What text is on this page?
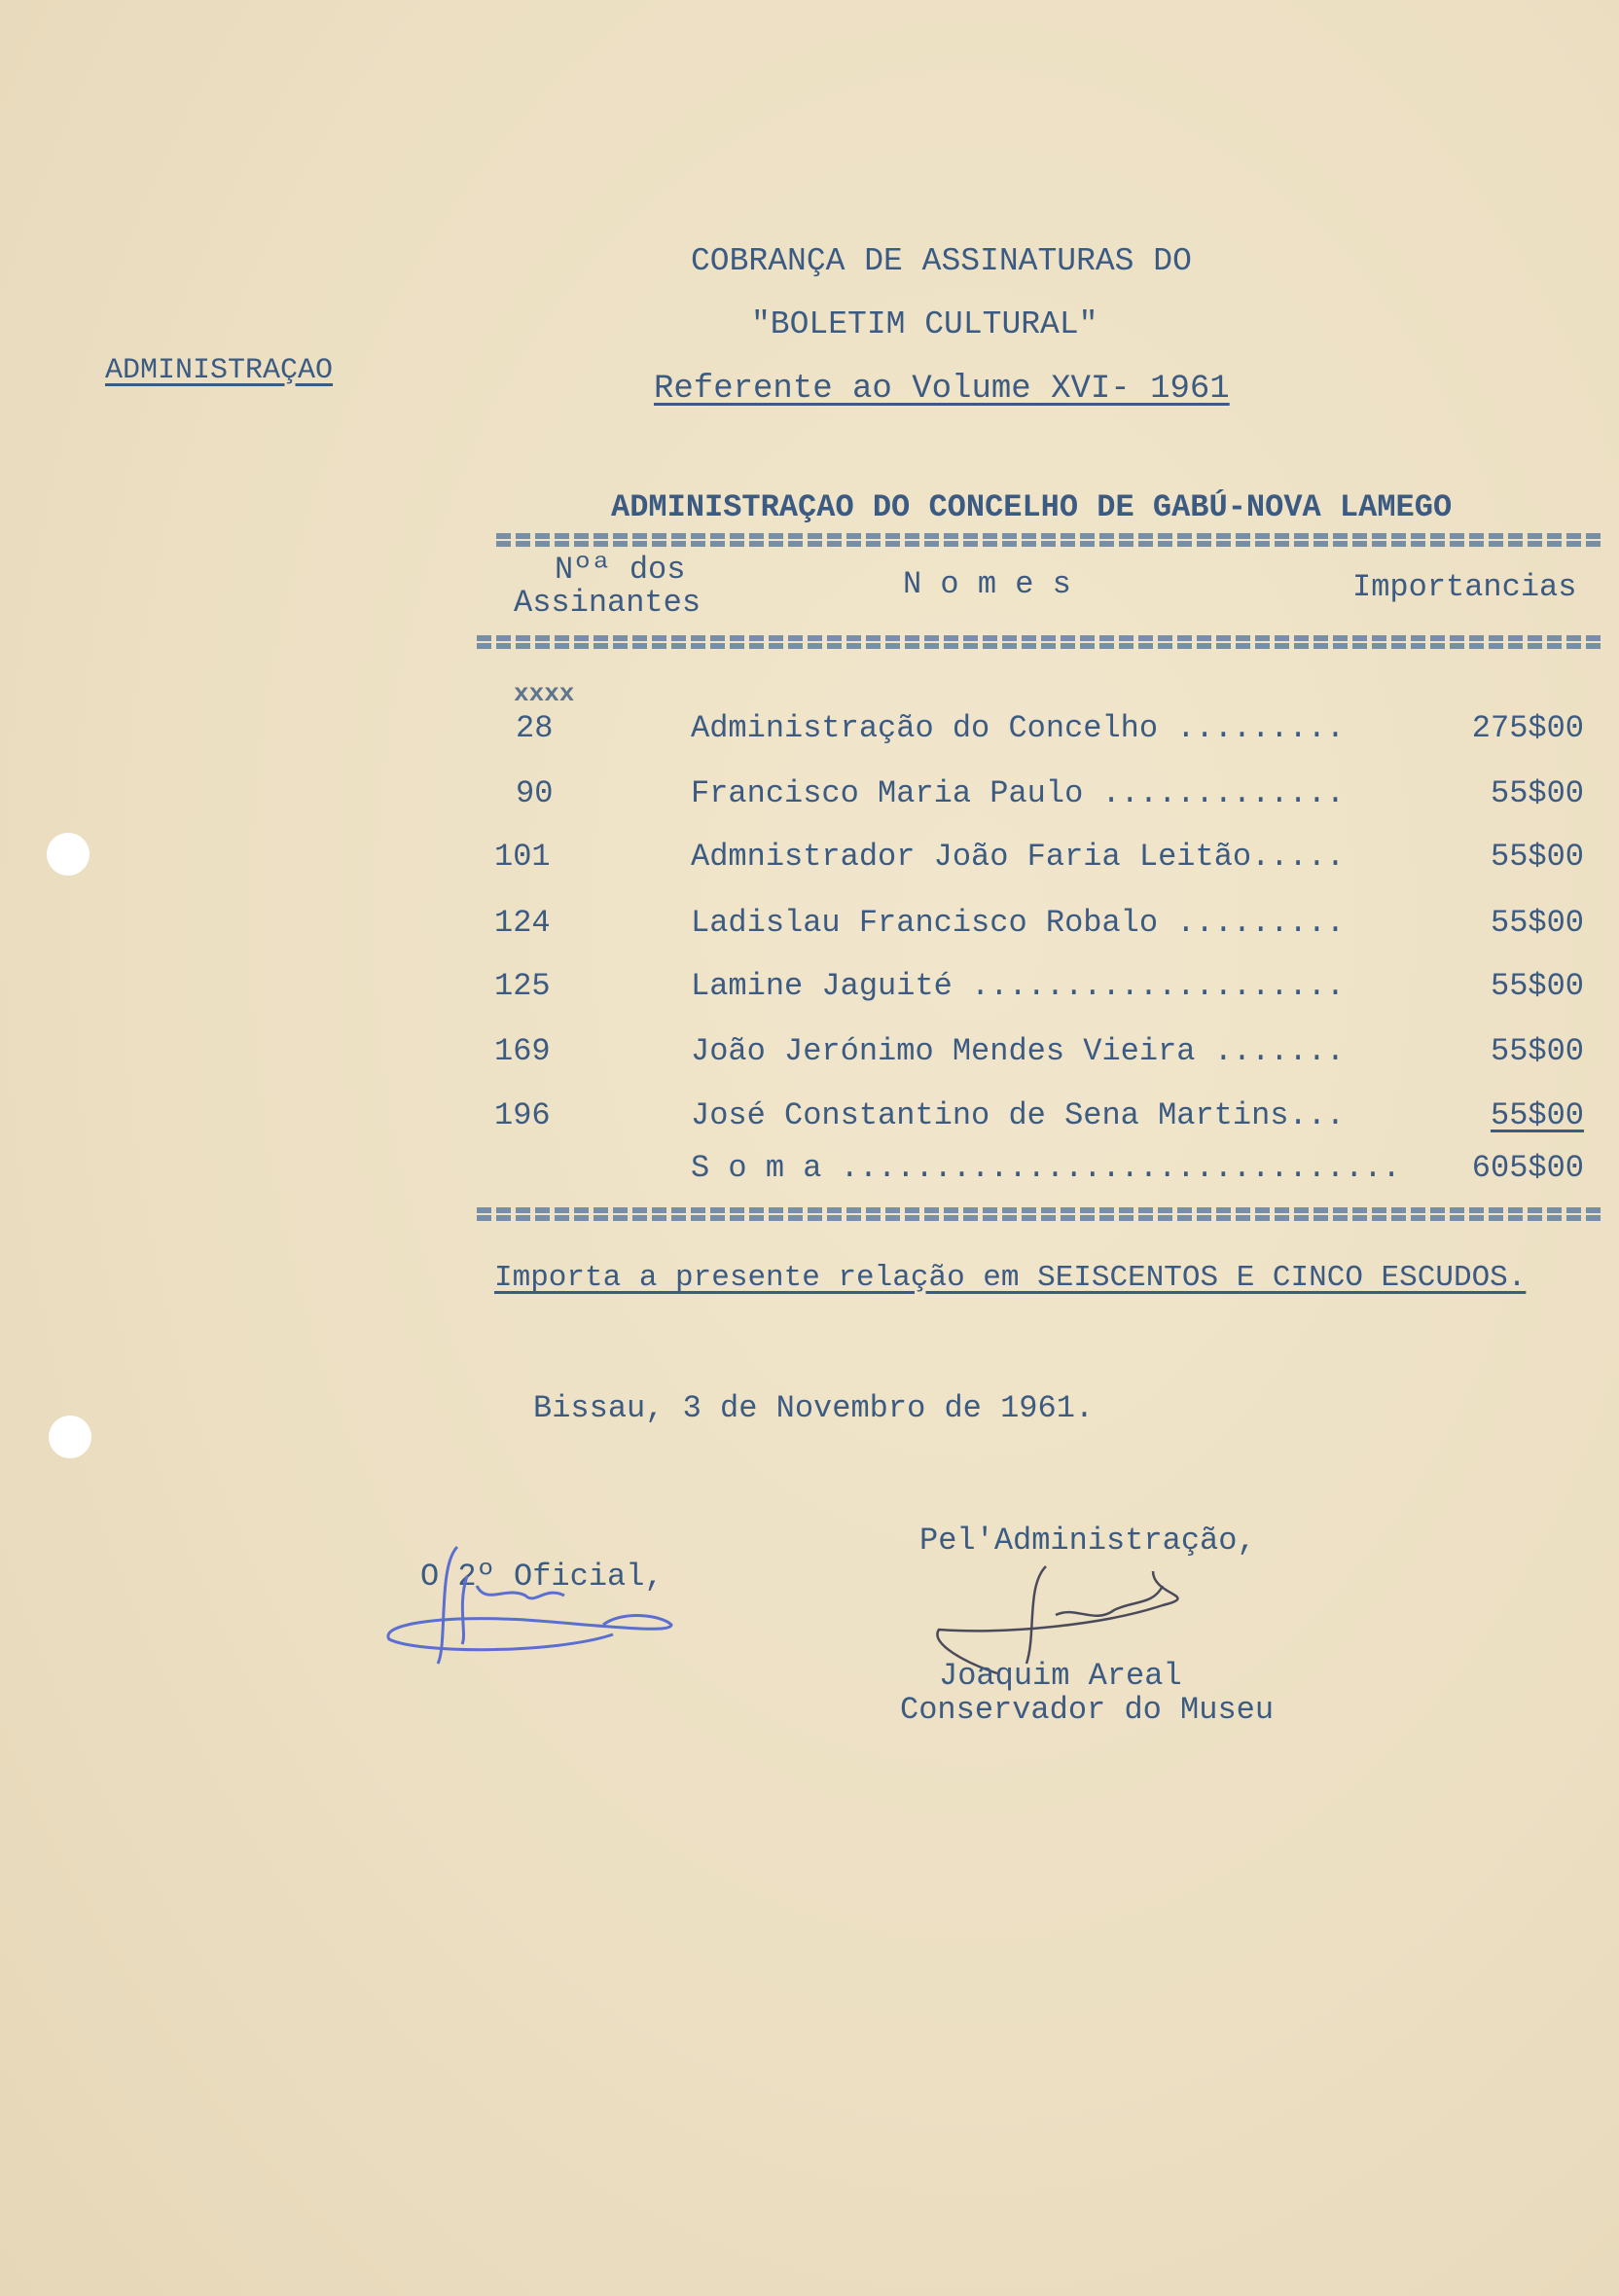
ADMINISTRAÇAO
COBRANÇA DE ASSINATURAS DO
"BOLETIM CULTURAL"
Referente ao Volume XVI- 1961
ADMINISTRAÇAO DO CONCELHO DE GABÚ-NOVA LAMEGO
Nºª dos
Assinantes
N o m e s	Importancias
xxxx
28	Administração do Concelho .........	275$00
90	Francisco Maria Paulo .............	55$00
101	Admnistrador João Faria Leitão.....	55$00
124	Ladislau Francisco Robalo .........	55$00
125	Lamine Jaguité ....................	55$00
169	João Jerónimo Mendes Vieira .......	55$00
196	José Constantino de Sena Martins...	55$00
S o m a .............................. 605$00
Importa a presente relação em SEISCENTOS E CINCO ESCUDOS.
Bissau, 3 de Novembro de 1961.
Pel'Administração,
O 2º Oficial,
Joaquim Areal
Conservador do Museu
